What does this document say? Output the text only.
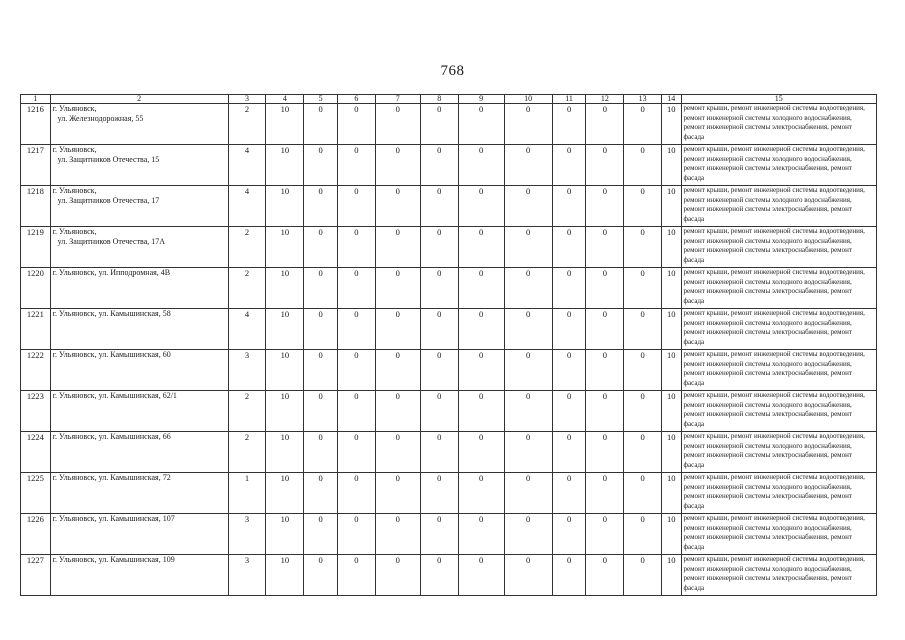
768
1	2	3	4	5	6	7	8	9	10	11	12	13	14	15
1216	г. Ульяновск,
ул. Железнодорожная, 55	2	10	0	0	0	0	0	0	0	0	0	10	ремонт крыши, ремонт инженерной системы водоотведения, ремонт инженерной системы холодного водоснабжения, ремонт инженерной системы электроснабжения, ремонт фасада
1217	г. Ульяновск,
ул. Защитников Отечества, 15	4	10	0	0	0	0	0	0	0	0	0	10	ремонт крыши, ремонт инженерной системы водоотведения, ремонт инженерной системы холодного водоснабжения, ремонт инженерной системы электроснабжения, ремонт фасада
1218	г. Ульяновск,
ул. Защитников Отечества, 17	4	10	0	0	0	0	0	0	0	0	0	10	ремонт крыши, ремонт инженерной системы водоотведения, ремонт инженерной системы холодного водоснабжения, ремонт инженерной системы электроснабжения, ремонт фасада
1219	г. Ульяновск,
ул. Защитников Отечества, 17А	2	10	0	0	0	0	0	0	0	0	0	10	ремонт крыши, ремонт инженерной системы водоотведения, ремонт инженерной системы холодного водоснабжения, ремонт инженерной системы электроснабжения, ремонт фасада
1220	г. Ульяновск, ул. Ипподромная, 4В	2	10	0	0	0	0	0	0	0	0	0	10	ремонт крыши, ремонт инженерной системы водоотведения, ремонт инженерной системы холодного водоснабжения, ремонт инженерной системы электроснабжения, ремонт фасада
1221	г. Ульяновск, ул. Камышинская, 58	4	10	0	0	0	0	0	0	0	0	0	10	ремонт крыши, ремонт инженерной системы водоотведения, ремонт инженерной системы холодного водоснабжения, ремонт инженерной системы электроснабжения, ремонт фасада
1222	г. Ульяновск, ул. Камышинская, 60	3	10	0	0	0	0	0	0	0	0	0	10	ремонт крыши, ремонт инженерной системы водоотведения, ремонт инженерной системы холодного водоснабжения, ремонт инженерной системы электроснабжения, ремонт фасада
1223	г. Ульяновск, ул. Камышинская, 62/1	2	10	0	0	0	0	0	0	0	0	0	10	ремонт крыши, ремонт инженерной системы водоотведения, ремонт инженерной системы холодного водоснабжения, ремонт инженерной системы электроснабжения, ремонт фасада
1224	г. Ульяновск, ул. Камышинская, 66	2	10	0	0	0	0	0	0	0	0	0	10	ремонт крыши, ремонт инженерной системы водоотведения, ремонт инженерной системы холодного водоснабжения, ремонт инженерной системы электроснабжения, ремонт фасада
1225	г. Ульяновск, ул. Камышинская, 72	1	10	0	0	0	0	0	0	0	0	0	10	ремонт крыши, ремонт инженерной системы водоотведения, ремонт инженерной системы холодного водоснабжения, ремонт инженерной системы электроснабжения, ремонт фасада
1226	г. Ульяновск, ул. Камышинская, 107	3	10	0	0	0	0	0	0	0	0	0	10	ремонт крыши, ремонт инженерной системы водоотведения, ремонт инженерной системы холодного водоснабжения, ремонт инженерной системы электроснабжения, ремонт фасада
1227	г. Ульяновск, ул. Камышинская, 109	3	10	0	0	0	0	0	0	0	0	0	10	ремонт крыши, ремонт инженерной системы водоотведения, ремонт инженерной системы холодного водоснабжения, ремонт инженерной системы электроснабжения, ремонт фасада
